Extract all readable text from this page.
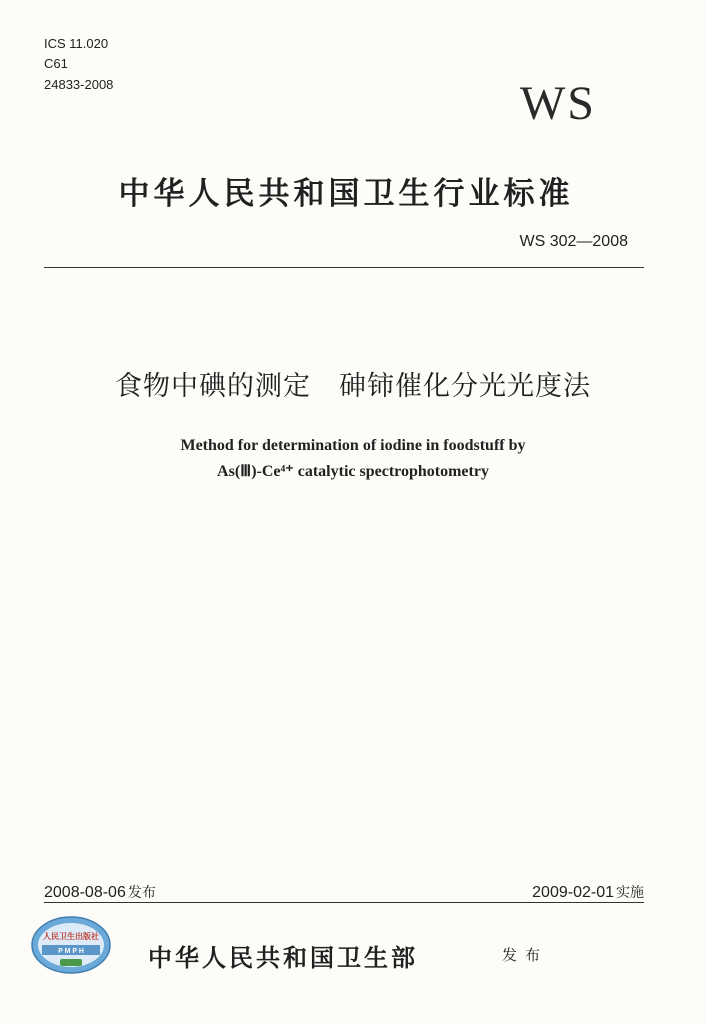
ICS 11.020
C61
24833-2008	WS
中华人民共和国卫生行业标准
WS 302—2008
食物中碘的测定　砷铈催化分光光度法
Method for determination of iodine in foodstuff by
As(Ⅲ)-Ce⁴⁺ catalytic spectrophotometry
2008-08-06 发布	2009-02-01 实施
人民卫生出版社
P M P H	中华人民共和国卫生部	发布
